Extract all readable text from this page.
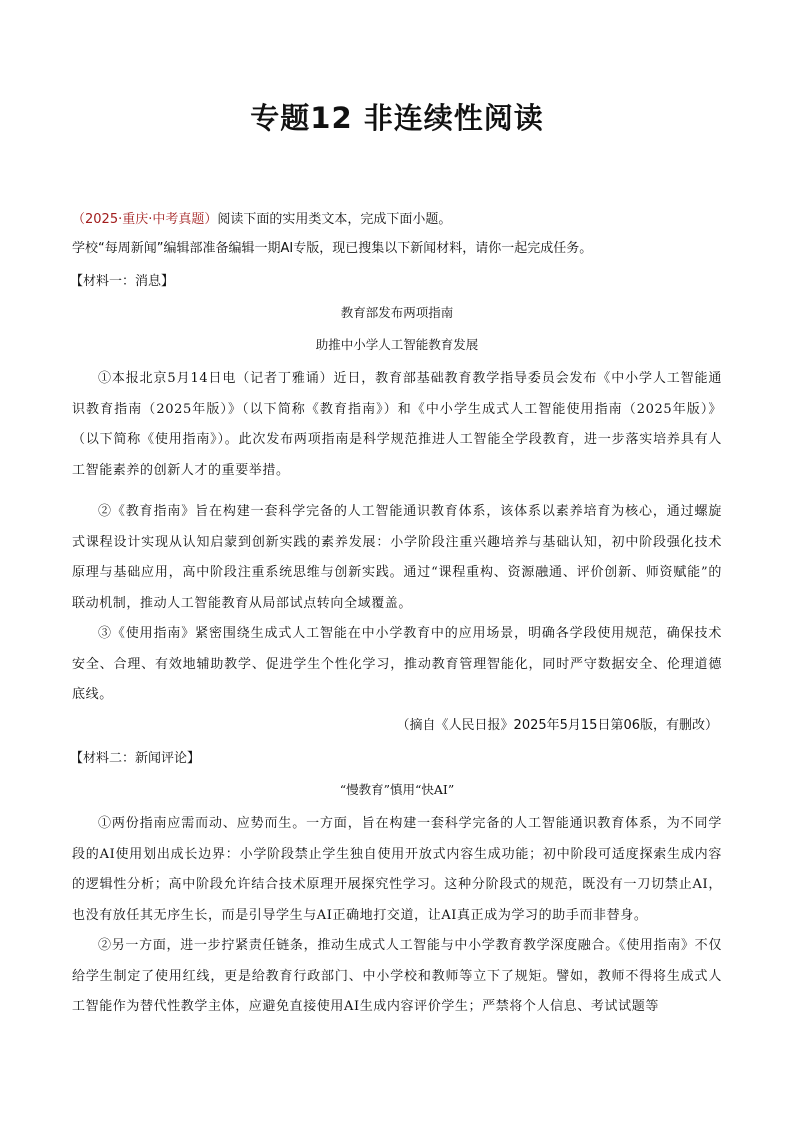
专题12 非连续性阅读
（2025·重庆·中考真题）阅读下面的实用类文本，完成下面小题。
学校“每周新闻”编辑部准备编辑一期AI专版，现已搜集以下新闻材料，请你一起完成任务。
【材料一：消息】
教育部发布两项指南
助推中小学人工智能教育发展

①本报北京5月14日电（记者丁雅诵）近日，教育部基础教育教学指导委员会发布《中小学人工智能通识教育指南（2025年版）》（以下简称《教育指南》）和《中小学生成式人工智能使用指南（2025年版）》（以下简称《使用指南》）。此次发布两项指南是科学规范推进人工智能全学段教育，进一步落实培养具有人工智能素养的创新人才的重要举措。

②《教育指南》旨在构建一套科学完备的人工智能通识教育体系，该体系以素养培育为核心，通过螺旋式课程设计实现从认知启蒙到创新实践的素养发展：小学阶段注重兴趣培养与基础认知，初中阶段强化技术原理与基础应用，高中阶段注重系统思维与创新实践。通过“课程重构、资源融通、评价创新、师资赋能”的联动机制，推动人工智能教育从局部试点转向全域覆盖。

③《使用指南》紧密围绕生成式人工智能在中小学教育中的应用场景，明确各学段使用规范，确保技术安全、合理、有效地辅助教学、促进学生个性化学习，推动教育管理智能化，同时严守数据安全、伦理道德底线。

（摘自《人民日报》2025年5月15日第06版，有删改）
【材料二：新闻评论】
“慢教育”慎用“快AI”

①两份指南应需而动、应势而生。一方面，旨在构建一套科学完备的人工智能通识教育体系，为不同学段的AI使用划出成长边界：小学阶段禁止学生独自使用开放式内容生成功能；初中阶段可适度探索生成内容的逻辑性分析；高中阶段允许结合技术原理开展探究性学习。这种分阶段式的规范，既没有一刀切禁止AI，也没有放任其无序生长，而是引导学生与AI正确地打交道，让AI真正成为学习的助手而非替身。

②另一方面，进一步拧紧责任链条，推动生成式人工智能与中小学教育教学深度融合。《使用指南》不仅给学生制定了使用红线，更是给教育行政部门、中小学校和教师等立下了规矩。譬如，教师不得将生成式人工智能作为替代性教学主体，应避免直接使用AI生成内容评价学生；严禁将个人信息、考试试题等
